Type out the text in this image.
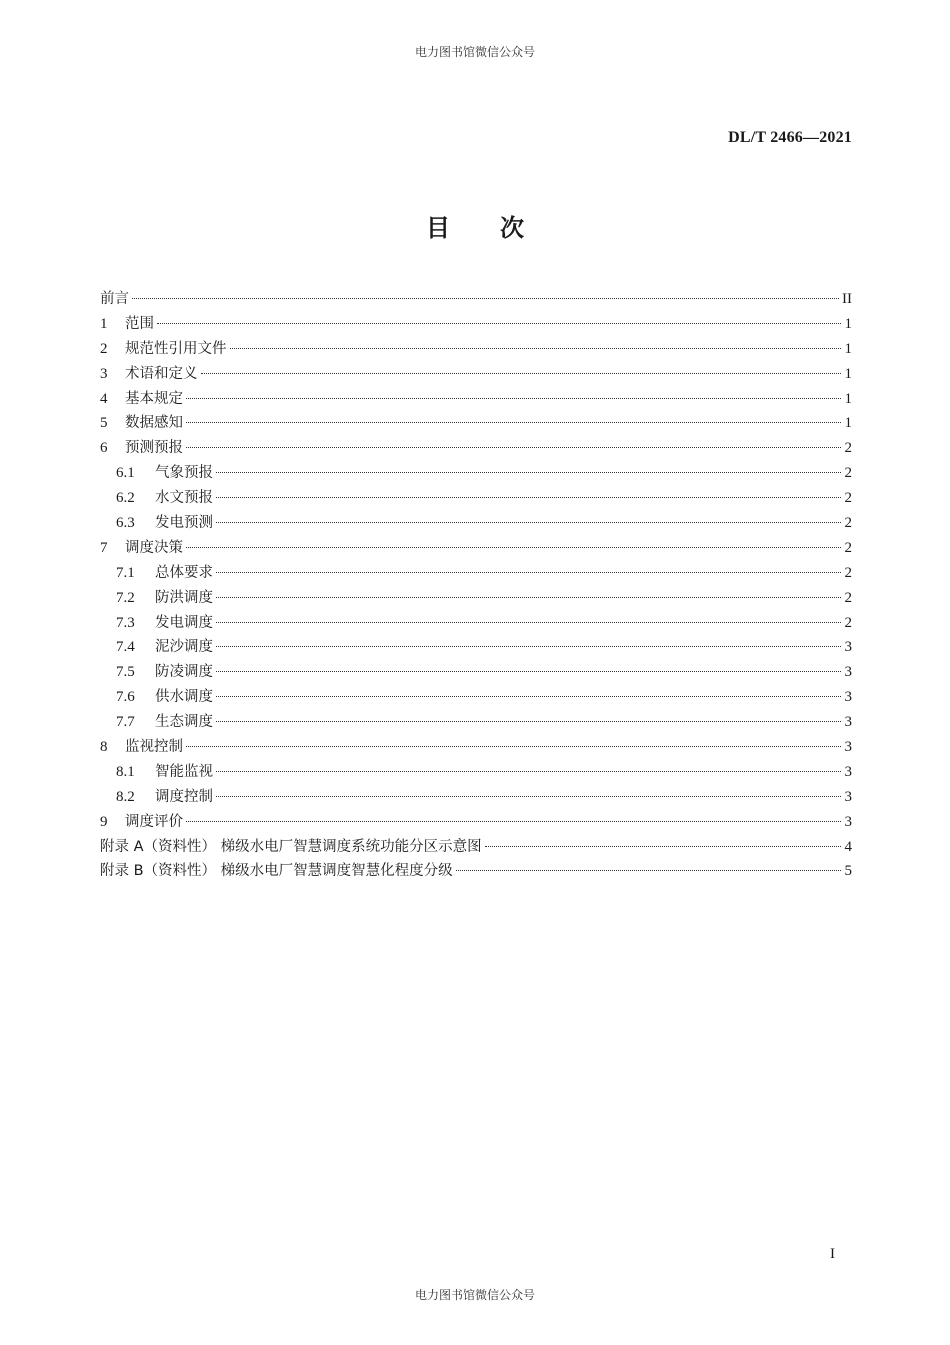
电力图书馆微信公众号
DL/T 2466—2021
目 次
前言	II
1	范围	1
2	规范性引用文件	1
3	术语和定义	1
4	基本规定	1
5	数据感知	1
6	预测预报	2
6.1	气象预报	2
6.2	水文预报	2
6.3	发电预测	2
7	调度决策	2
7.1	总体要求	2
7.2	防洪调度	2
7.3	发电调度	2
7.4	泥沙调度	3
7.5	防凌调度	3
7.6	供水调度	3
7.7	生态调度	3
8	监视控制	3
8.1	智能监视	3
8.2	调度控制	3
9	调度评价	3
附录 A（资料性） 梯级水电厂智慧调度系统功能分区示意图	4
附录 B（资料性） 梯级水电厂智慧调度智慧化程度分级	5
I
电力图书馆微信公众号
